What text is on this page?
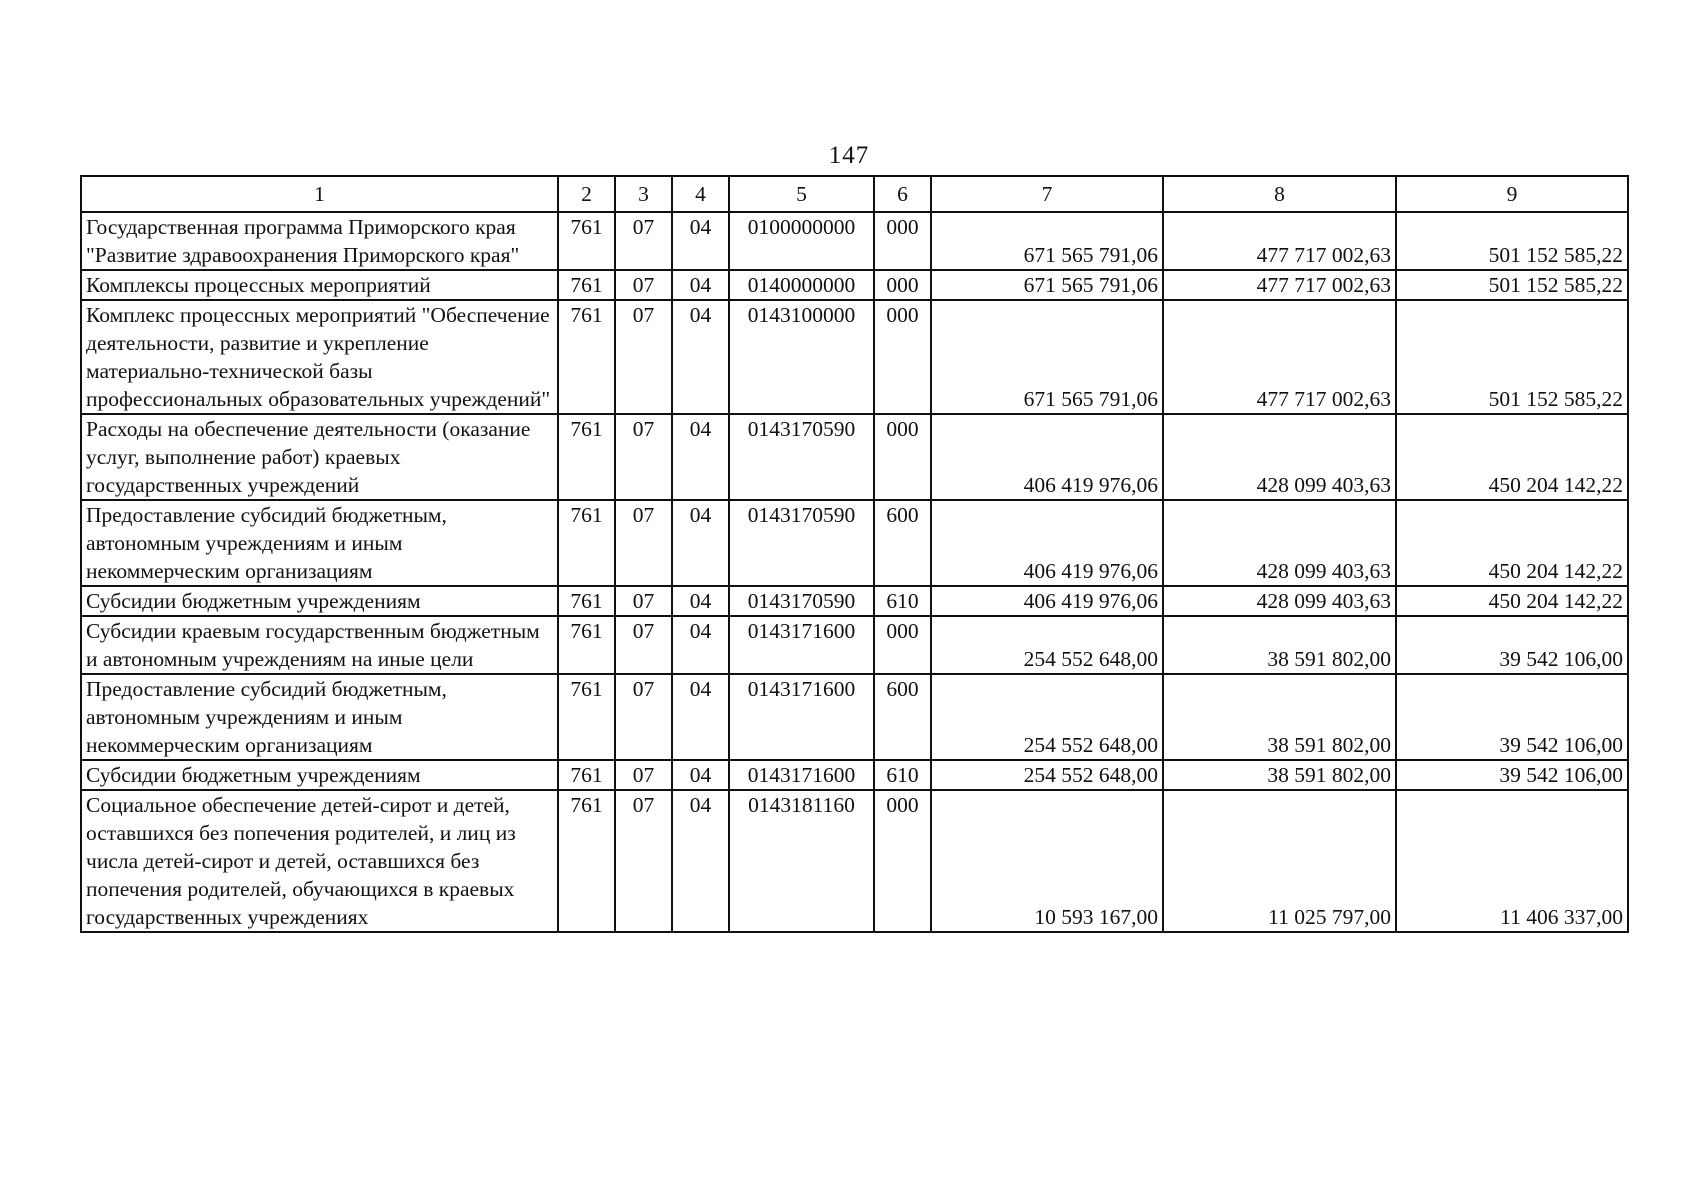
147
1	2	3	4	5	6	7	8	9
Государственная программа Приморского края "Развитие здравоохранения Приморского края"	761	07	04	0100000000	000	671 565 791,06	477 717 002,63	501 152 585,22
Комплексы процессных мероприятий	761	07	04	0140000000	000	671 565 791,06	477 717 002,63	501 152 585,22
Комплекс процессных мероприятий "Обеспечение деятельности, развитие и укрепление материально-технической базы профессиональных образовательных учреждений"	761	07	04	0143100000	000	671 565 791,06	477 717 002,63	501 152 585,22
Расходы на обеспечение деятельности (оказание услуг, выполнение работ) краевых государственных учреждений	761	07	04	0143170590	000	406 419 976,06	428 099 403,63	450 204 142,22
Предоставление субсидий бюджетным, автономным учреждениям и иным некоммерческим организациям	761	07	04	0143170590	600	406 419 976,06	428 099 403,63	450 204 142,22
Субсидии бюджетным учреждениям	761	07	04	0143170590	610	406 419 976,06	428 099 403,63	450 204 142,22
Субсидии краевым государственным бюджетным и автономным учреждениям на иные цели	761	07	04	0143171600	000	254 552 648,00	38 591 802,00	39 542 106,00
Предоставление субсидий бюджетным, автономным учреждениям и иным некоммерческим организациям	761	07	04	0143171600	600	254 552 648,00	38 591 802,00	39 542 106,00
Субсидии бюджетным учреждениям	761	07	04	0143171600	610	254 552 648,00	38 591 802,00	39 542 106,00
Социальное обеспечение детей-сирот и детей, оставшихся без попечения родителей, и лиц из числа детей-сирот и детей, оставшихся без попечения родителей, обучающихся в краевых государственных учреждениях	761	07	04	0143181160	000	10 593 167,00	11 025 797,00	11 406 337,00
